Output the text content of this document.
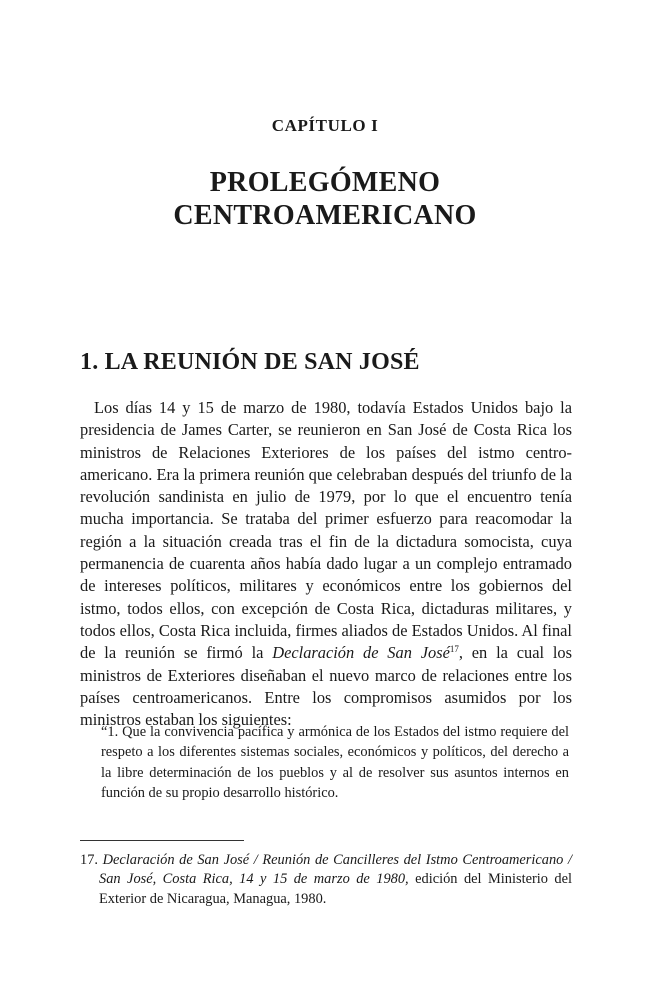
CAPÍTULO I
PROLEGÓMENO
CENTROAMERICANO
1. LA REUNIÓN DE SAN JOSÉ

Los días 14 y 15 de marzo de 1980, todavía Estados Unidos bajo la presidencia de James Carter, se reunieron en San José de Costa Rica los ministros de Relaciones Exteriores de los países del istmo centroamericano. Era la primera reunión que celebraban después del triunfo de la revolución sandinista en julio de 1979, por lo que el encuentro tenía mucha importancia. Se trataba del primer esfuerzo para reacomodar la región a la situación creada tras el fin de la dictadura somocista, cuya permanencia de cuarenta años había dado lugar a un complejo entramado de intereses políticos, militares y económicos entre los gobiernos del istmo, todos ellos, con excepción de Costa Rica, dictaduras militares, y todos ellos, Costa Rica incluida, firmes aliados de Estados Unidos. Al final de la reunión se firmó la Declaración de San José$^{17}$, en la cual los ministros de Exteriores diseñaban el nuevo marco de relaciones entre los países centroamericanos. Entre los compromisos asumidos por los ministros estaban los siguientes:

“1. Que la convivencia pacífica y armónica de los Estados del istmo requiere del respeto a los diferentes sistemas sociales, económicos y políticos, del derecho a la libre determinación de los pueblos y al de resolver sus asuntos internos en función de su propio desarrollo histórico.

17. Declaración de San José / Reunión de Cancilleres del Istmo Centroamericano / San José, Costa Rica, 14 y 15 de marzo de 1980, edición del Ministerio del Exterior de Nicaragua, Managua, 1980.
